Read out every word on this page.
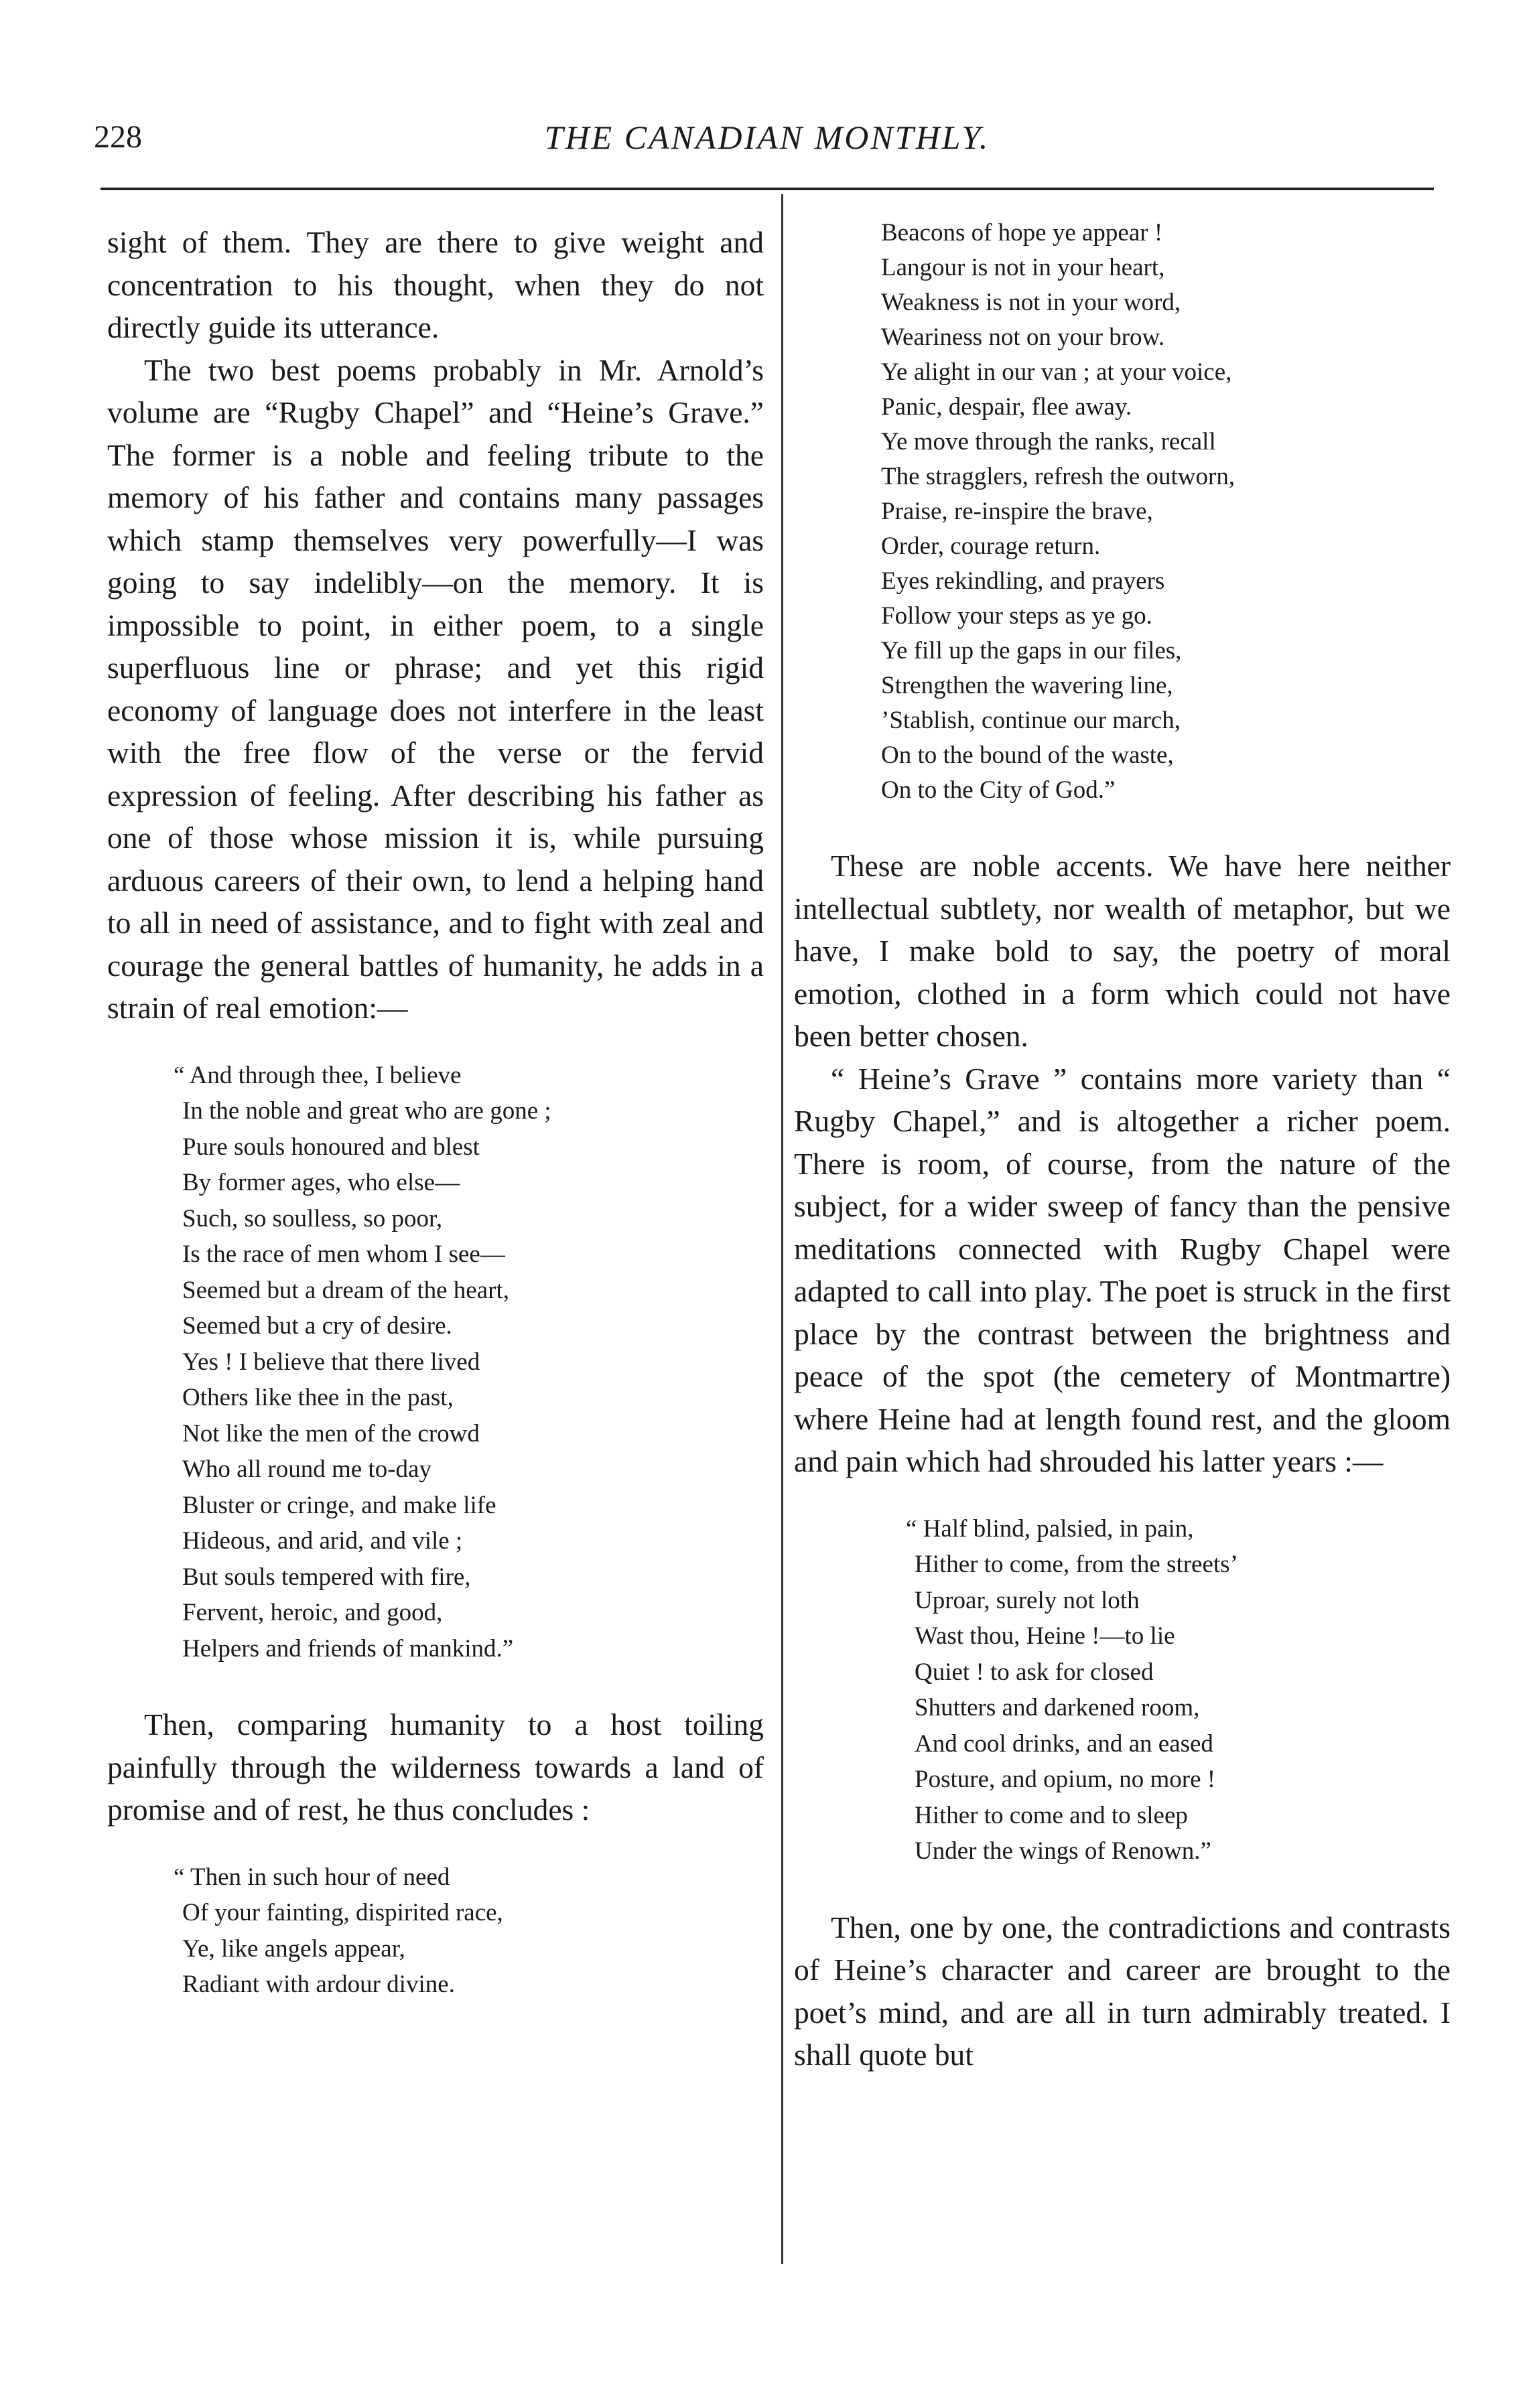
228	THE CANADIAN MONTHLY.

sight of them. They are there to give weight and concentration to his thought, when they do not directly guide its utterance.

The two best poems probably in Mr. Arnold’s volume are “Rugby Chapel” and “Heine’s Grave.” The former is a noble and feeling tribute to the memory of his father and contains many passages which stamp themselves very powerfully—I was going to say indelibly—on the memory. It is impossible to point, in either poem, to a single superfluous line or phrase; and yet this rigid economy of language does not interfere in the least with the free flow of the verse or the fervid expression of feeling. After describing his father as one of those whose mission it is, while pursuing arduous careers of their own, to lend a helping hand to all in need of assistance, and to fight with zeal and courage the general battles of humanity, he adds in a strain of real emotion:—

“ And through thee, I believe
In the noble and great who are gone ;
Pure souls honoured and blest
By former ages, who else—
Such, so soulless, so poor,
Is the race of men whom I see—
Seemed but a dream of the heart,
Seemed but a cry of desire.
Yes ! I believe that there lived
Others like thee in the past,
Not like the men of the crowd
Who all round me to-day
Bluster or cringe, and make life
Hideous, and arid, and vile ;
But souls tempered with fire,
Fervent, heroic, and good,
Helpers and friends of mankind.”

Then, comparing humanity to a host toiling painfully through the wilderness towards a land of promise and of rest, he thus concludes :

“ Then in such hour of need
Of your fainting, dispirited race,
Ye, like angels appear,
Radiant with ardour divine.
Beacons of hope ye appear !
Langour is not in your heart,
Weakness is not in your word,
Weariness not on your brow.
Ye alight in our van ; at your voice,
Panic, despair, flee away.
Ye move through the ranks, recall
The stragglers, refresh the outworn,
Praise, re-inspire the brave,
Order, courage return.
Eyes rekindling, and prayers
Follow your steps as ye go.
Ye fill up the gaps in our files,
Strengthen the wavering line,
’Stablish, continue our march,
On to the bound of the waste,
On to the City of God.”

These are noble accents. We have here neither intellectual subtlety, nor wealth of metaphor, but we have, I make bold to say, the poetry of moral emotion, clothed in a form which could not have been better chosen.

“ Heine’s Grave ” contains more variety than “ Rugby Chapel,” and is altogether a richer poem. There is room, of course, from the nature of the subject, for a wider sweep of fancy than the pensive meditations connected with Rugby Chapel were adapted to call into play. The poet is struck in the first place by the contrast between the brightness and peace of the spot (the cemetery of Montmartre) where Heine had at length found rest, and the gloom and pain which had shrouded his latter years :—

“ Half blind, palsied, in pain,
Hither to come, from the streets’
Uproar, surely not loth
Wast thou, Heine !—to lie
Quiet ! to ask for closed
Shutters and darkened room,
And cool drinks, and an eased
Posture, and opium, no more !
Hither to come and to sleep
Under the wings of Renown.”

Then, one by one, the contradictions and contrasts of Heine’s character and career are brought to the poet’s mind, and are all in turn admirably treated. I shall quote but
